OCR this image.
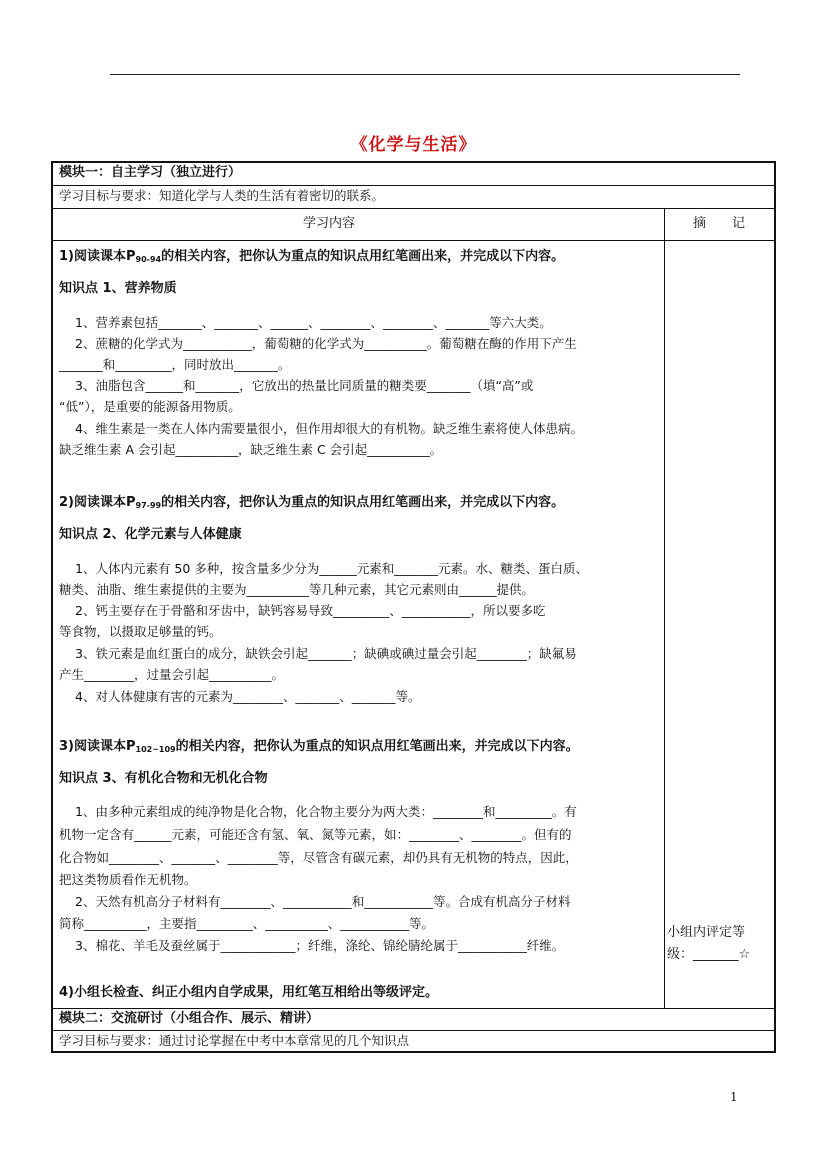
《化学与生活》
模块一：自主学习（独立进行）
学习目标与要求：知道化学与人类的生活有着密切的联系。
学习内容	摘　　记
1)阅读课本$P_{90-94}$的相关内容，把你认为重点的知识点用红笔画出来，并完成以下内容。
知识点 1、营养物质
1、营养素包括_______、_______、______、________、________、_______等六大类。
2、蔗糖的化学式为___________，葡萄糖的化学式为__________。葡萄糖在酶的作用下产生
_______和_________，同时放出_______。
3、油脂包含______和_______，它放出的热量比同质量的糖类要_______（填“高”或
“低”），是重要的能源备用物质。
4、维生素是一类在人体内需要量很小，但作用却很大的有机物。缺乏维生素将使人体患病。
缺乏维生素 A 会引起__________，缺乏维生素 C 会引起__________。
2)阅读课本$P_{97-99}$的相关内容，把你认为重点的知识点用红笔画出来，并完成以下内容。
知识点 2、化学元素与人体健康
1、人体内元素有 50 多种，按含量多少分为______元素和_______元素。水、糖类、蛋白质、
糖类、油脂、维生素提供的主要为__________等几种元素，其它元素则由______提供。
2、钙主要存在于骨骼和牙齿中，缺钙容易导致_________、___________，所以要多吃
等食物，以摄取足够量的钙。
3、铁元素是血红蛋白的成分，缺铁会引起_______；缺碘或碘过量会引起________；缺氟易
产生________，过量会引起__________。
4、对人体健康有害的元素为________、_______、_______等。
3)阅读课本$P_{102\sim 109}$的相关内容，把你认为重点的知识点用红笔画出来，并完成以下内容。
知识点 3、有机化合物和无机化合物
1、由多种元素组成的纯净物是化合物，化合物主要分为两大类：________和_________。有
机物一定含有______元素，可能还含有氢、氧、氮等元素，如：________、________。但有的
化合物如________、_______、________等，尽管含有碳元素，却仍具有无机物的特点，因此，
把这类物质看作无机物。
2、天然有机高分子材料有________、___________和___________等。合成有机高分子材料
简称__________，主要指_________、__________、___________等。
3、棉花、羊毛及蚕丝属于____________；纤维，涤纶、锦纶腈纶属于___________纤维。
4)小组长检查、纠正小组内自学成果，用红笔互相给出等级评定。
小组内评定等
级：_______☆
模块二：交流研讨（小组合作、展示、精讲）
学习目标与要求：通过讨论掌握在中考中本章常见的几个知识点
1
